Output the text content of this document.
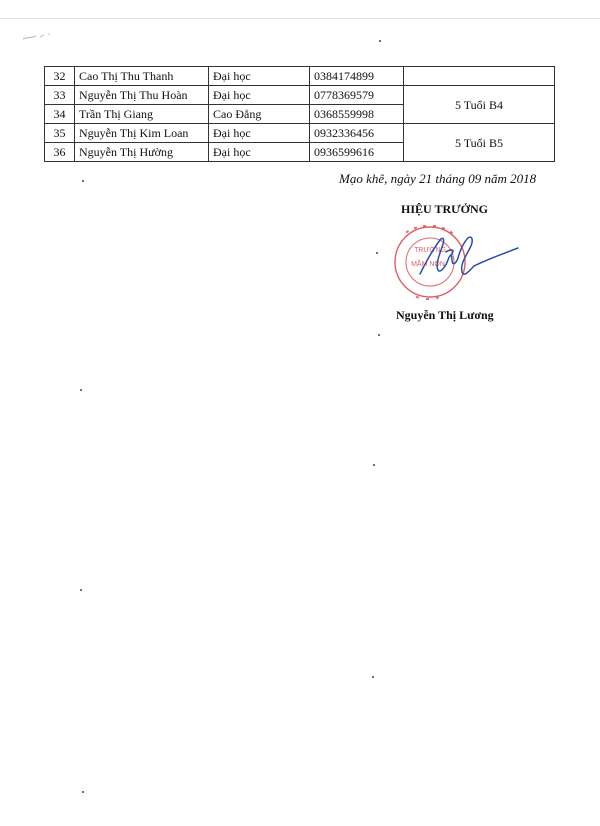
32	Cao Thị Thu Thanh	Đại học	0384174899	
33	Nguyễn Thị Thu Hoàn	Đại học	0778369579	5 Tuổi B4
34	Trần Thị Giang	Cao Đẳng	0368559998	
35	Nguyễn Thị Kim Loan	Đại học	0932336456	5 Tuổi B5
36	Nguyễn Thị Hường	Đại học	0936599616	
Mạo khê, ngày 21 tháng 09 năm 2018
HIỆU TRƯỞNG
TRƯỜNG
MẦM NON
Nguyễn Thị Lương
